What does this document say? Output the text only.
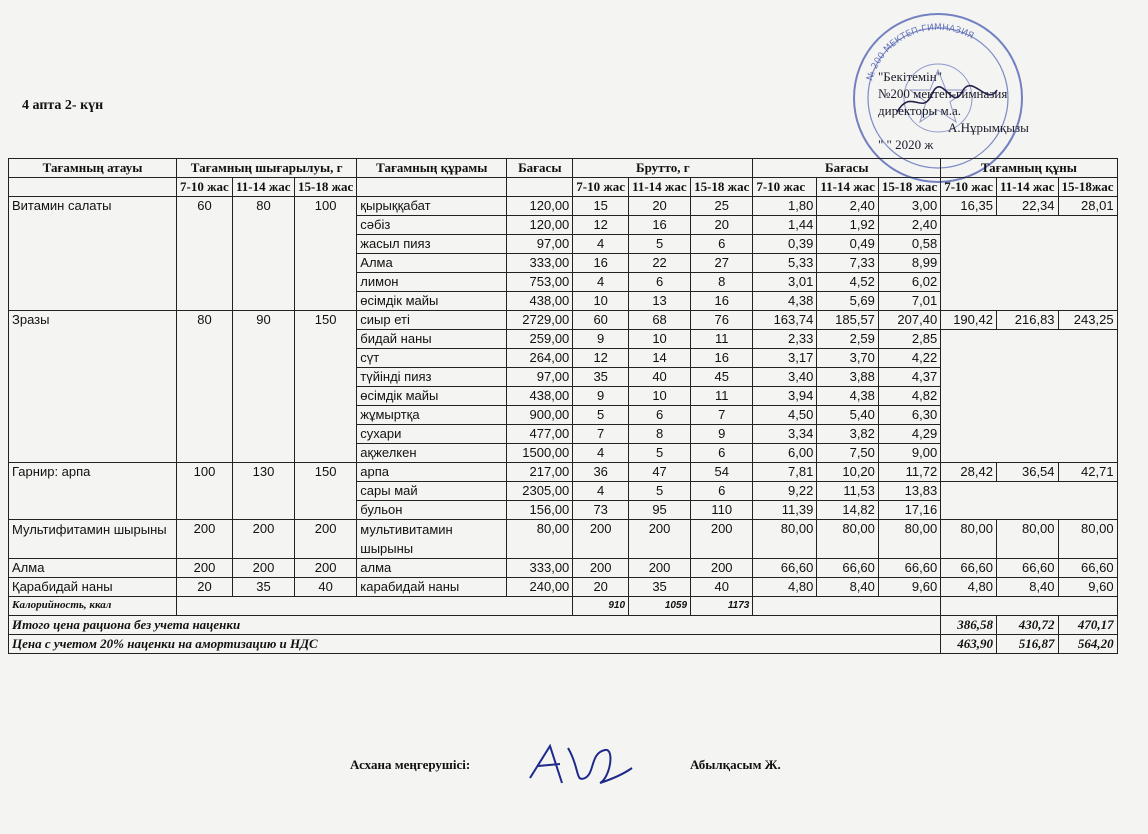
4 апта 2- күн
№ 200 МЕКТЕП-ГИМНАЗИЯ
"Бекітемін"
№200 мектеп-гимназия
директоры м.а.
А.Нұрымқызы
" " 2020 ж
Тағамның атауы	Тағамның шығарылуы, г			Тағамның құрамы	Бағасы	Брутто, г			Бағасы			Тағамның құны		
	7-10 жас	11-14 жас	15-18 жас			7-10 жас	11-14 жас	15-18 жас	7-10 жас	11-14 жас	15-18 жас	7-10 жас	11-14 жас	15-18жас
Витамин салаты	60	80	100	қырыққабат	120,00	15	20	25	1,80	2,40	3,00	16,35	22,34	28,01
				сәбіз	120,00	12	16	20	1,44	1,92	2,40			
				жасыл пияз	97,00	4	5	6	0,39	0,49	0,58			
				Алма	333,00	16	22	27	5,33	7,33	8,99			
				лимон	753,00	4	6	8	3,01	4,52	6,02			
				өсімдік майы	438,00	10	13	16	4,38	5,69	7,01			
Зразы	80	90	150	сиыр еті	2729,00	60	68	76	163,74	185,57	207,40	190,42	216,83	243,25
				бидай наны	259,00	9	10	11	2,33	2,59	2,85			
				сүт	264,00	12	14	16	3,17	3,70	4,22			
				түйінді пияз	97,00	35	40	45	3,40	3,88	4,37			
				өсімдік майы	438,00	9	10	11	3,94	4,38	4,82			
				жұмыртқа	900,00	5	6	7	4,50	5,40	6,30			
				сухари	477,00	7	8	9	3,34	3,82	4,29			
				ақжелкен	1500,00	4	5	6	6,00	7,50	9,00			
Гарнир: арпа	100	130	150	арпа	217,00	36	47	54	7,81	10,20	11,72	28,42	36,54	42,71
				сары май	2305,00	4	5	6	9,22	11,53	13,83			
				бульон	156,00	73	95	110	11,39	14,82	17,16			
Мультифитамин шырыны	200	200	200	мультивитамин шырыны	80,00	200	200	200	80,00	80,00	80,00	80,00	80,00	80,00
Алма	200	200	200	алма	333,00	200	200	200	66,60	66,60	66,60	66,60	66,60	66,60
Қарабидай наны	20	35	40	карабидай наны	240,00	20	35	40	4,80	8,40	9,60	4,80	8,40	9,60
Калорийность, ккал						910	1059	1173						
Итого цена рациона без учета наценки												386,58	430,72	470,17
Цена с учетом 20% наценки на амортизацию и НДС												463,90	516,87	564,20
Асхана меңгерушісі:	Абылқасым Ж.
